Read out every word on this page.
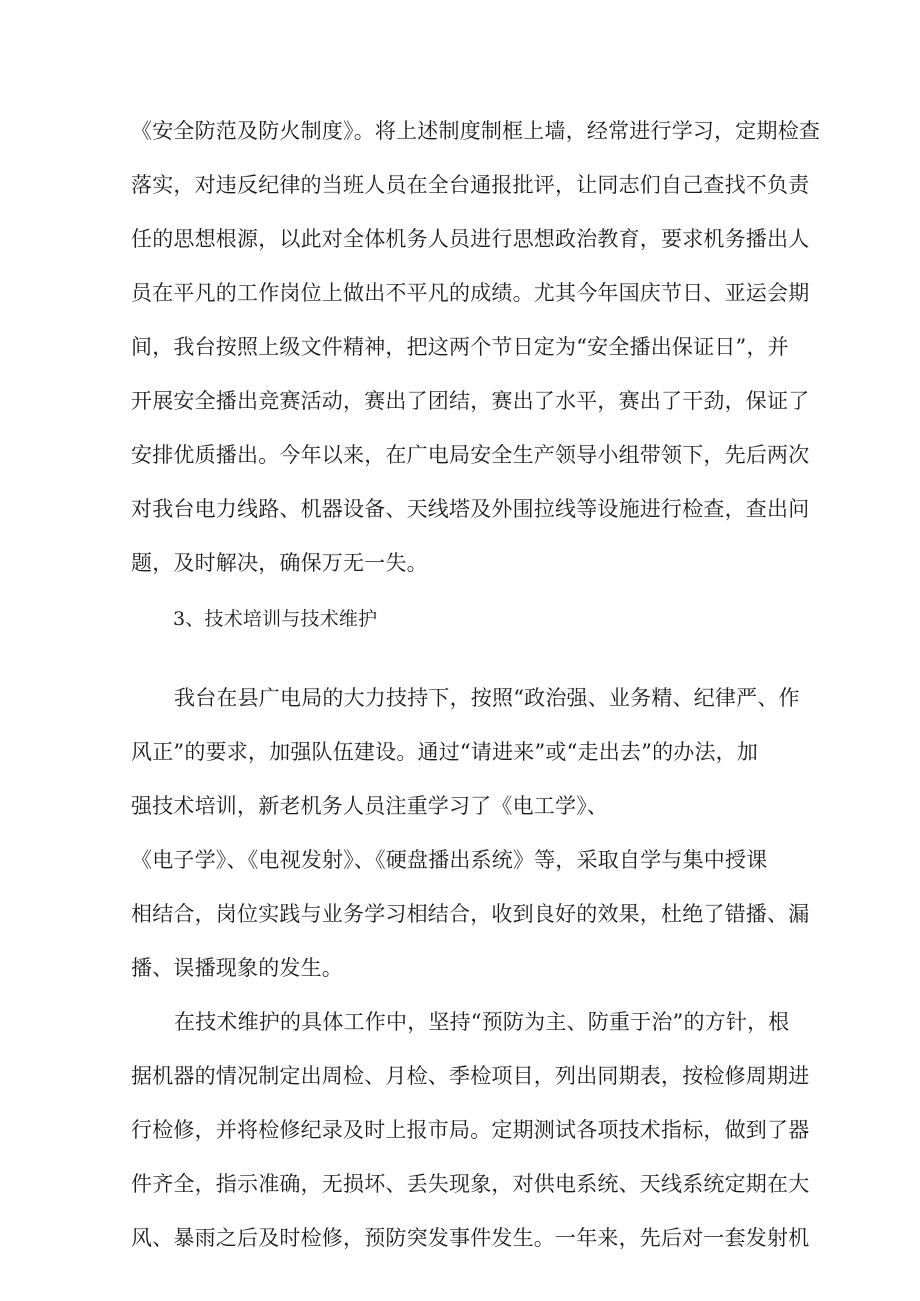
《安全防范及防火制度》。将上述制度制框上墙，经常进行学习，定期检查
落实，对违反纪律的当班人员在全台通报批评，让同志们自己查找不负责
任的思想根源，以此对全体机务人员进行思想政治教育，要求机务播出人
员在平凡的工作岗位上做出不平凡的成绩。尤其今年国庆节日、亚运会期
间，我台按照上级文件精神，把这两个节日定为“安全播出保证日”，并
开展安全播出竞赛活动，赛出了团结，赛出了水平，赛出了干劲，保证了
安排优质播出。今年以来，在广电局安全生产领导小组带领下，先后两次
对我台电力线路、机器设备、天线塔及外围拉线等设施进行检查，查出问
题，及时解决，确保万无一失。
3、技术培训与技术维护
我台在县广电局的大力技持下，按照“政治强、业务精、纪律严、作
风正”的要求，加强队伍建设。通过“请进来”或“走出去”的办法，加
强技术培训，新老机务人员注重学习了《电工学》、
《电子学》、《电视发射》、《硬盘播出系统》等，采取自学与集中授课
相结合，岗位实践与业务学习相结合，收到良好的效果，杜绝了错播、漏
播、误播现象的发生。
在技术维护的具体工作中，坚持“预防为主、防重于治”的方针，根
据机器的情况制定出周检、月检、季检项目，列出同期表，按检修周期进
行检修，并将检修纪录及时上报市局。定期测试各项技术指标，做到了器
件齐全，指示准确，无损坏、丢失现象，对供电系统、天线系统定期在大
风、暴雨之后及时检修，预防突发事件发生。一年来，先后对一套发射机
